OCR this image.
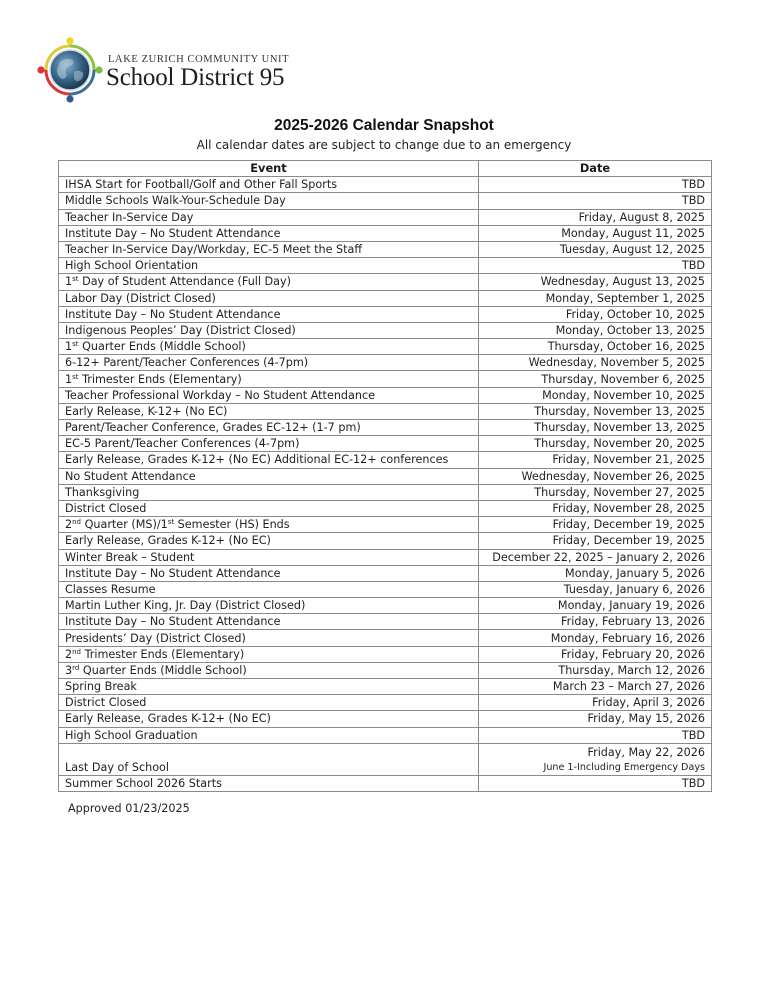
LAKE ZURICH COMMUNITY UNIT
School District 95
2025-2026 Calendar Snapshot
All calendar dates are subject to change due to an emergency
Event	Date
IHSA Start for Football/Golf and Other Fall Sports	TBD
Middle Schools Walk-Your-Schedule Day	TBD
Teacher In-Service Day	Friday, August 8, 2025
Institute Day – No Student Attendance	Monday, August 11, 2025
Teacher In-Service Day/Workday, EC-5 Meet the Staff	Tuesday, August 12, 2025
High School Orientation	TBD
1st Day of Student Attendance (Full Day)	Wednesday, August 13, 2025
Labor Day (District Closed)	Monday, September 1, 2025
Institute Day – No Student Attendance	Friday, October 10, 2025
Indigenous Peoples’ Day (District Closed)	Monday, October 13, 2025
1st Quarter Ends (Middle School)	Thursday, October 16, 2025
6-12+ Parent/Teacher Conferences (4-7pm)	Wednesday, November 5, 2025
1st Trimester Ends (Elementary)	Thursday, November 6, 2025
Teacher Professional Workday – No Student Attendance	Monday, November 10, 2025
Early Release, K-12+ (No EC)	Thursday, November 13, 2025
Parent/Teacher Conference, Grades EC-12+ (1-7 pm)	Thursday, November 13, 2025
EC-5 Parent/Teacher Conferences (4-7pm)	Thursday, November 20, 2025
Early Release, Grades K-12+ (No EC) Additional EC-12+ conferences	Friday, November 21, 2025
No Student Attendance	Wednesday, November 26, 2025
Thanksgiving	Thursday, November 27, 2025
District Closed	Friday, November 28, 2025
2nd Quarter (MS)/1st Semester (HS) Ends	Friday, December 19, 2025
Early Release, Grades K-12+ (No EC)	Friday, December 19, 2025
Winter Break – Student	December 22, 2025 – January 2, 2026
Institute Day – No Student Attendance	Monday, January 5, 2026
Classes Resume	Tuesday, January 6, 2026
Martin Luther King, Jr. Day (District Closed)	Monday, January 19, 2026
Institute Day – No Student Attendance	Friday, February 13, 2026
Presidents’ Day (District Closed)	Monday, February 16, 2026
2nd Trimester Ends (Elementary)	Friday, February 20, 2026
3rd Quarter Ends (Middle School)	Thursday, March 12, 2026
Spring Break	March 23 – March 27, 2026
District Closed	Friday, April 3, 2026
Early Release, Grades K-12+ (No EC)	Friday, May 15, 2026
High School Graduation	TBD
Last Day of School	Friday, May 22, 2026
June 1-Including Emergency Days

Summer School 2026 Starts	TBD
Approved 01/23/2025
